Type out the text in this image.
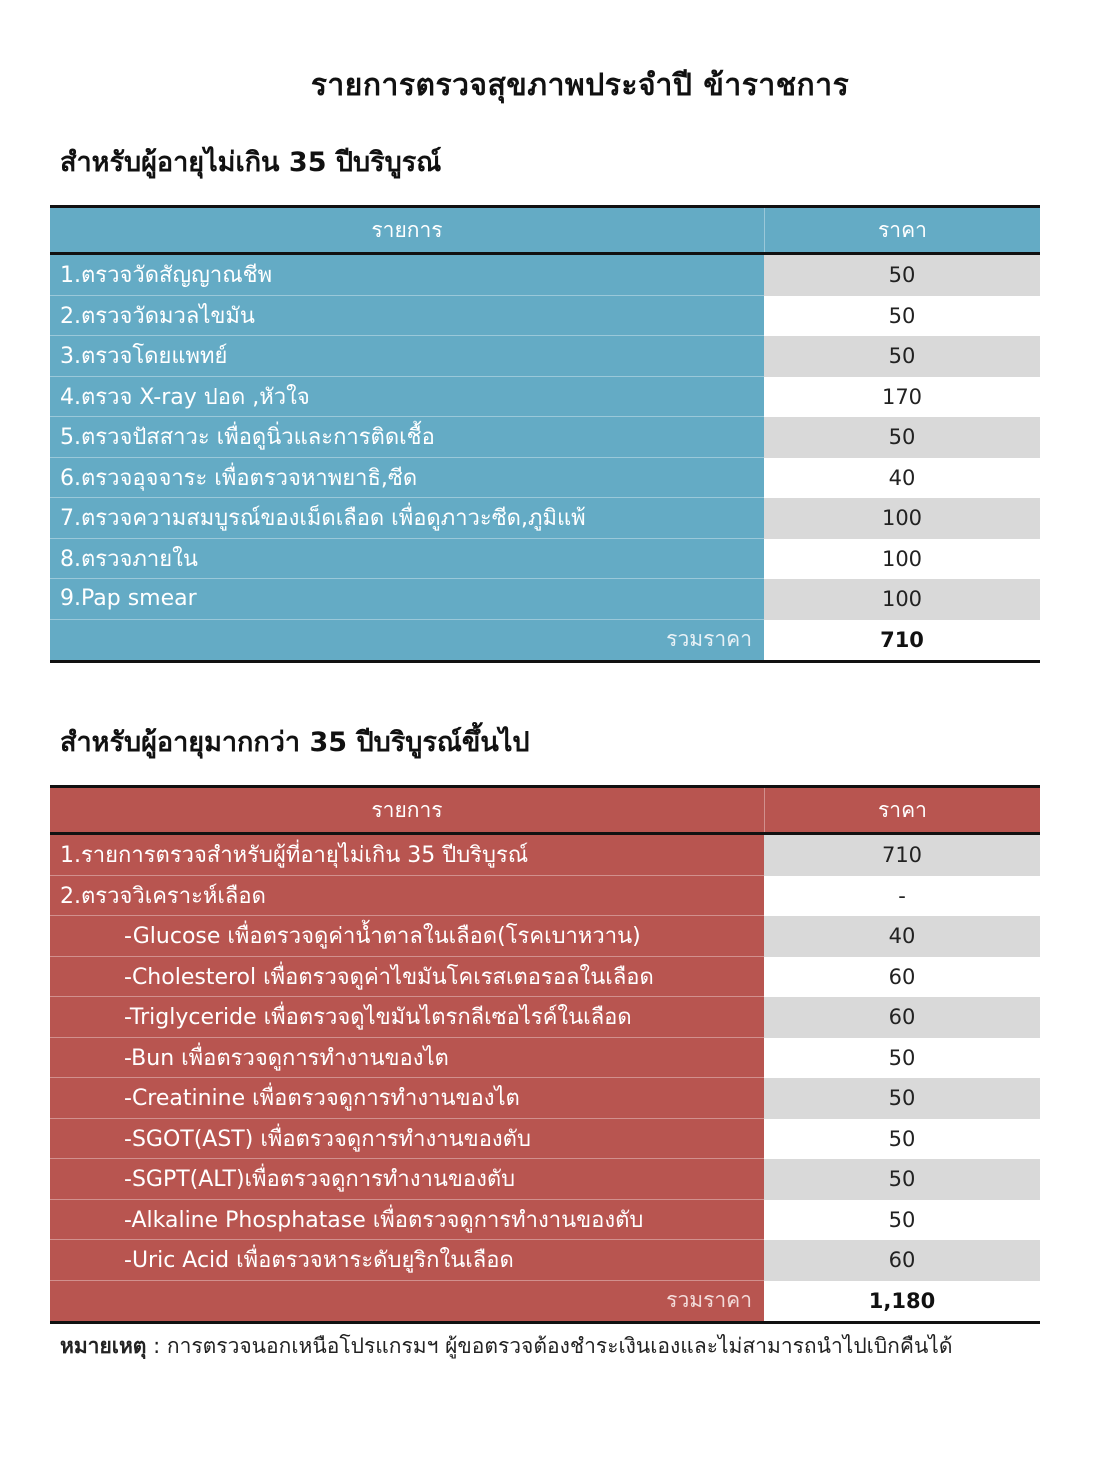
รายการตรวจสุขภาพประจำปี ข้าราชการ
สำหรับผู้อายุไม่เกิน 35 ปีบริบูรณ์
รายการ	ราคา
1.ตรวจวัดสัญญาณชีพ	50
2.ตรวจวัดมวลไขมัน	50
3.ตรวจโดยแพทย์	50
4.ตรวจ X-ray ปอด ,หัวใจ	170
5.ตรวจปัสสาวะ เพื่อดูนิ่วและการติดเชื้อ	50
6.ตรวจอุจจาระ เพื่อตรวจหาพยาธิ,ซีด	40
7.ตรวจความสมบูรณ์ของเม็ดเลือด เพื่อดูภาวะซีด,ภูมิแพ้	100
8.ตรวจภายใน	100
9.Pap smear	100
รวมราคา	710
สำหรับผู้อายุมากกว่า 35 ปีบริบูรณ์ขึ้นไป
รายการ	ราคา
1.รายการตรวจสำหรับผู้ที่อายุไม่เกิน 35 ปีบริบูรณ์	710
2.ตรวจวิเคราะห์เลือด	-
-Glucose เพื่อตรวจดูค่าน้ำตาลในเลือด(โรคเบาหวาน)	40
-Cholesterol เพื่อตรวจดูค่าไขมันโคเรสเตอรอลในเลือด	60
-Triglyceride เพื่อตรวจดูไขมันไตรกลีเซอไรค์ในเลือด	60
-Bun เพื่อตรวจดูการทำงานของไต	50
-Creatinine เพื่อตรวจดูการทำงานของไต	50
-SGOT(AST) เพื่อตรวจดูการทำงานของตับ	50
-SGPT(ALT)เพื่อตรวจดูการทำงานของตับ	50
-Alkaline Phosphatase เพื่อตรวจดูการทำงานของตับ	50
-Uric Acid เพื่อตรวจหาระดับยูริกในเลือด	60
รวมราคา	1,180
หมายเหตุ : การตรวจนอกเหนือโปรแกรมฯ ผู้ขอตรวจต้องชำระเงินเองและไม่สามารถนำไปเบิกคืนได้
